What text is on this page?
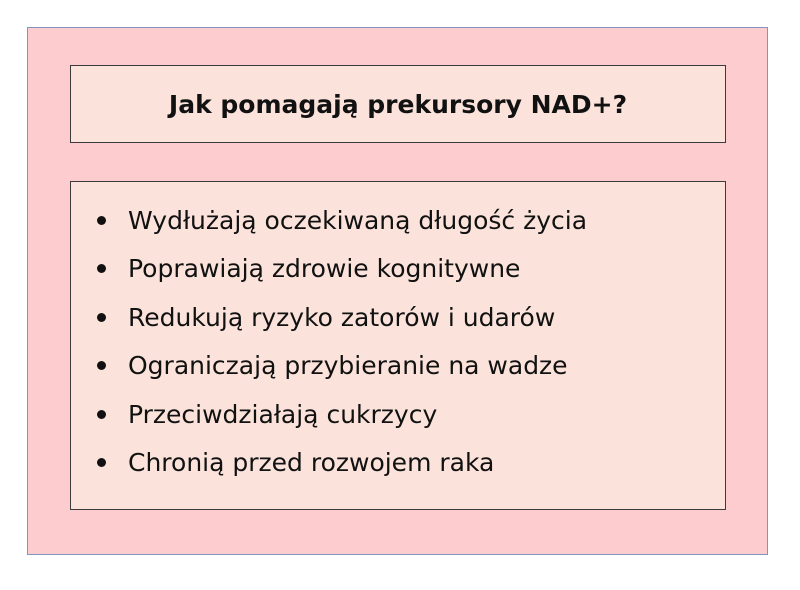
Jak pomagają prekursory NAD+?
Wydłużają oczekiwaną długość życia
Poprawiają zdrowie kognitywne
Redukują ryzyko zatorów i udarów
Ograniczają przybieranie na wadze
Przeciwdziałają cukrzycy
Chronią przed rozwojem raka
